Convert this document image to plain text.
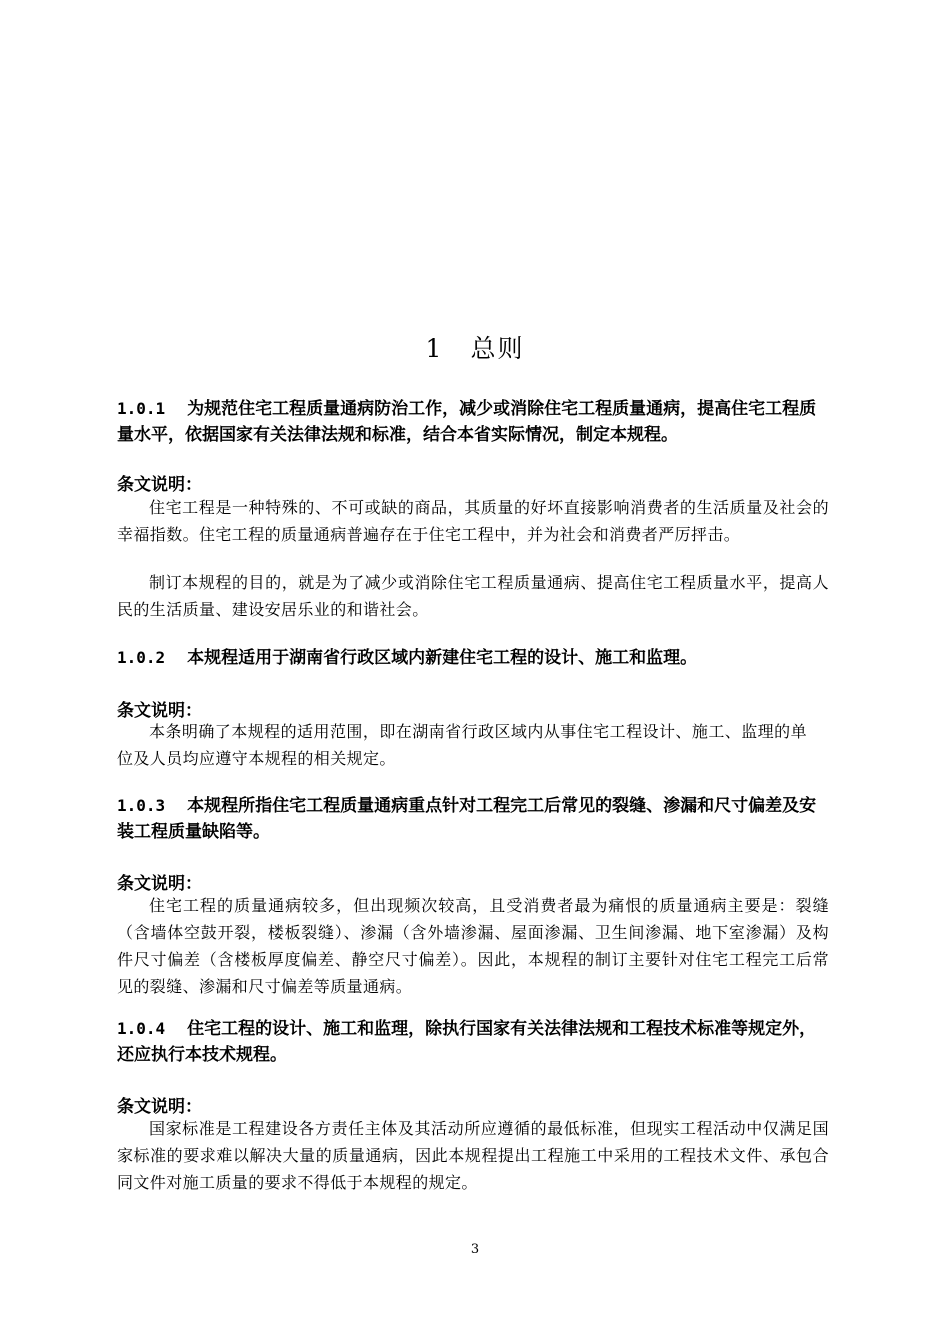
1　总则
1.0.1 为规范住宅工程质量通病防治工作，减少或消除住宅工程质量通病，提高住宅工程质量水平，依据国家有关法律法规和标准，结合本省实际情况，制定本规程。
条文说明：
住宅工程是一种特殊的、不可或缺的商品，其质量的好坏直接影响消费者的生活质量及社会的幸福指数。住宅工程的质量通病普遍存在于住宅工程中，并为社会和消费者严厉抨击。
制订本规程的目的，就是为了减少或消除住宅工程质量通病、提高住宅工程质量水平，提高人民的生活质量、建设安居乐业的和谐社会。
1.0.2 本规程适用于湖南省行政区域内新建住宅工程的设计、施工和监理。
条文说明：
本条明确了本规程的适用范围，即在湖南省行政区域内从事住宅工程设计、施工、监理的单位及人员均应遵守本规程的相关规定。
1.0.3 本规程所指住宅工程质量通病重点针对工程完工后常见的裂缝、渗漏和尺寸偏差及安装工程质量缺陷等。
条文说明：
住宅工程的质量通病较多，但出现频次较高，且受消费者最为痛恨的质量通病主要是：裂缝（含墙体空鼓开裂，楼板裂缝）、渗漏（含外墙渗漏、屋面渗漏、卫生间渗漏、地下室渗漏）及构件尺寸偏差（含楼板厚度偏差、静空尺寸偏差）。因此，本规程的制订主要针对住宅工程完工后常见的裂缝、渗漏和尺寸偏差等质量通病。
1.0.4 住宅工程的设计、施工和监理，除执行国家有关法律法规和工程技术标准等规定外，还应执行本技术规程。
条文说明：
国家标准是工程建设各方责任主体及其活动所应遵循的最低标准，但现实工程活动中仅满足国家标准的要求难以解决大量的质量通病，因此本规程提出工程施工中采用的工程技术文件、承包合同文件对施工质量的要求不得低于本规程的规定。
3
